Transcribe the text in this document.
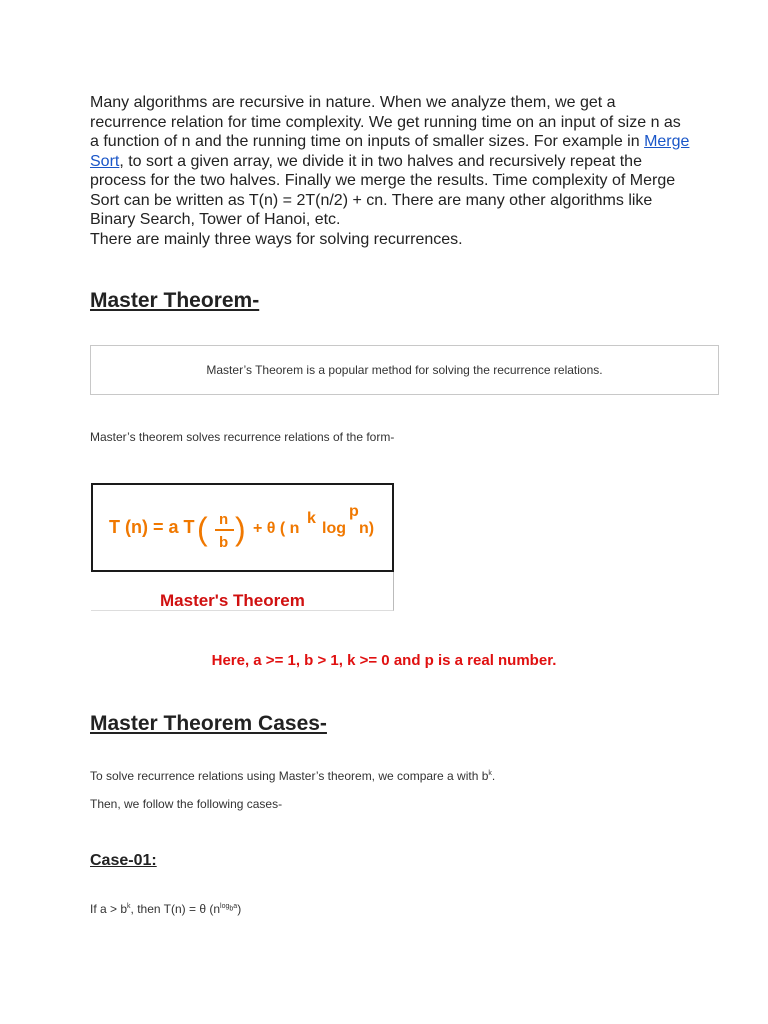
Many algorithms are recursive in nature. When we analyze them, we get a recurrence relation for time complexity. We get running time on an input of size n as a function of n and the running time on inputs of smaller sizes. For example in Merge Sort, to sort a given array, we divide it in two halves and recursively repeat the process for the two halves. Finally we merge the results. Time complexity of Merge Sort can be written as T(n) = 2T(n/2) + cn. There are many other algorithms like Binary Search, Tower of Hanoi, etc.
There are mainly three ways for solving recurrences.
Master Theorem-
Master’s Theorem is a popular method for solving the recurrence relations.
Master’s theorem solves recurrence relations of the form-
T (n) = a T ( n
b ) + θ ( n
k
log
p
n)
Master's Theorem
Here, a >= 1, b > 1, k >= 0 and p is a real number.
Master Theorem Cases-
To solve recurrence relations using Master’s theorem, we compare a with $b^k$.
Then, we follow the following cases-
Case-01:
If $a > b^k$, then T(n) = θ $(n^{log_ba})$
